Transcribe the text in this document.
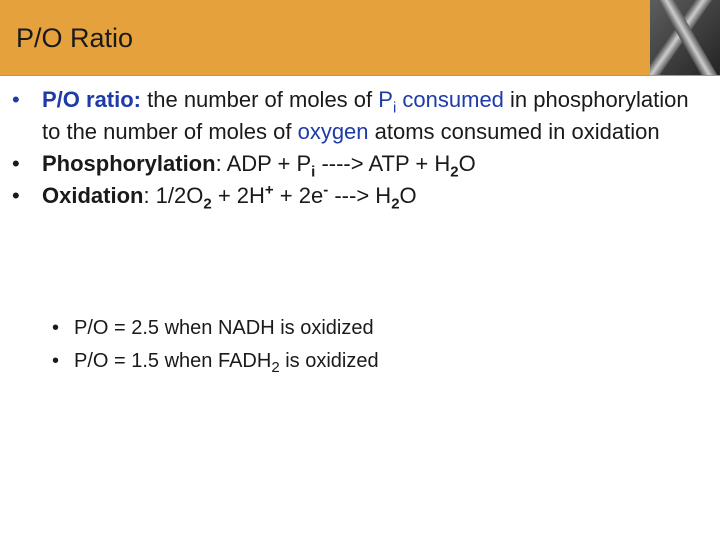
P/O Ratio
•	P/O ratio: the number of moles of $P_i$ consumed in phosphorylation to the number of moles of oxygen atoms consumed in oxidation
•	Phosphorylation: ADP + $P_i$ ----> ATP + $H_2O$
•	Oxidation: $1/2O_2 + 2H^+ + 2e^-$ ---> $H_2O$
• P/O = 2.5 when NADH is oxidized
• P/O = 1.5 when $FADH_2$ is oxidized
